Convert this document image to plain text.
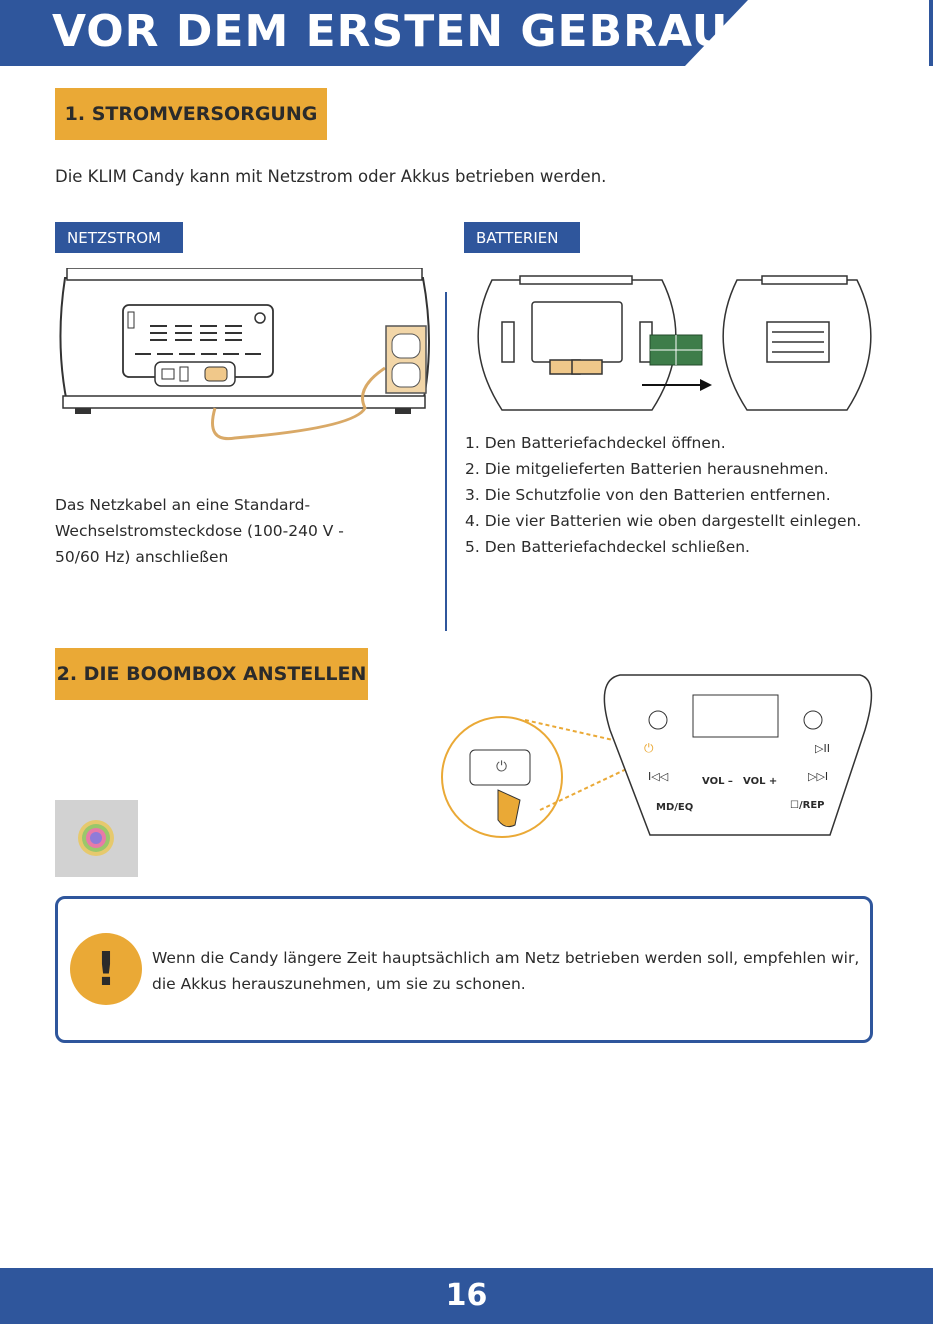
VOR DEM ERSTEN GEBRAUCH
1. STROMVERSORGUNG
Die KLIM Candy kann mit Netzstrom oder Akkus betrieben werden.
NETZSTROM	BATTERIEN
Das Netzkabel an eine Standard-Wechselstromsteckdose (100-240 V - 50/60 Hz) anschließen
1. Den Batteriefachdeckel öffnen.
2. Die mitgelieferten Batterien herausnehmen.
3. Die Schutzfolie von den Batterien entfernen.
4. Die vier Batterien wie oben dargestellt einlegen.
5. Den Batteriefachdeckel schließen.
2. DIE BOOMBOX ANSTELLEN
⏻
⏻	▷II
I◁◁	▷▷I
VOL – VOL +
MD/EQ	☐/REP
!	Wenn die Candy längere Zeit hauptsächlich am Netz betrieben werden soll, empfehlen wir, die Akkus herauszunehmen, um sie zu schonen.
16
